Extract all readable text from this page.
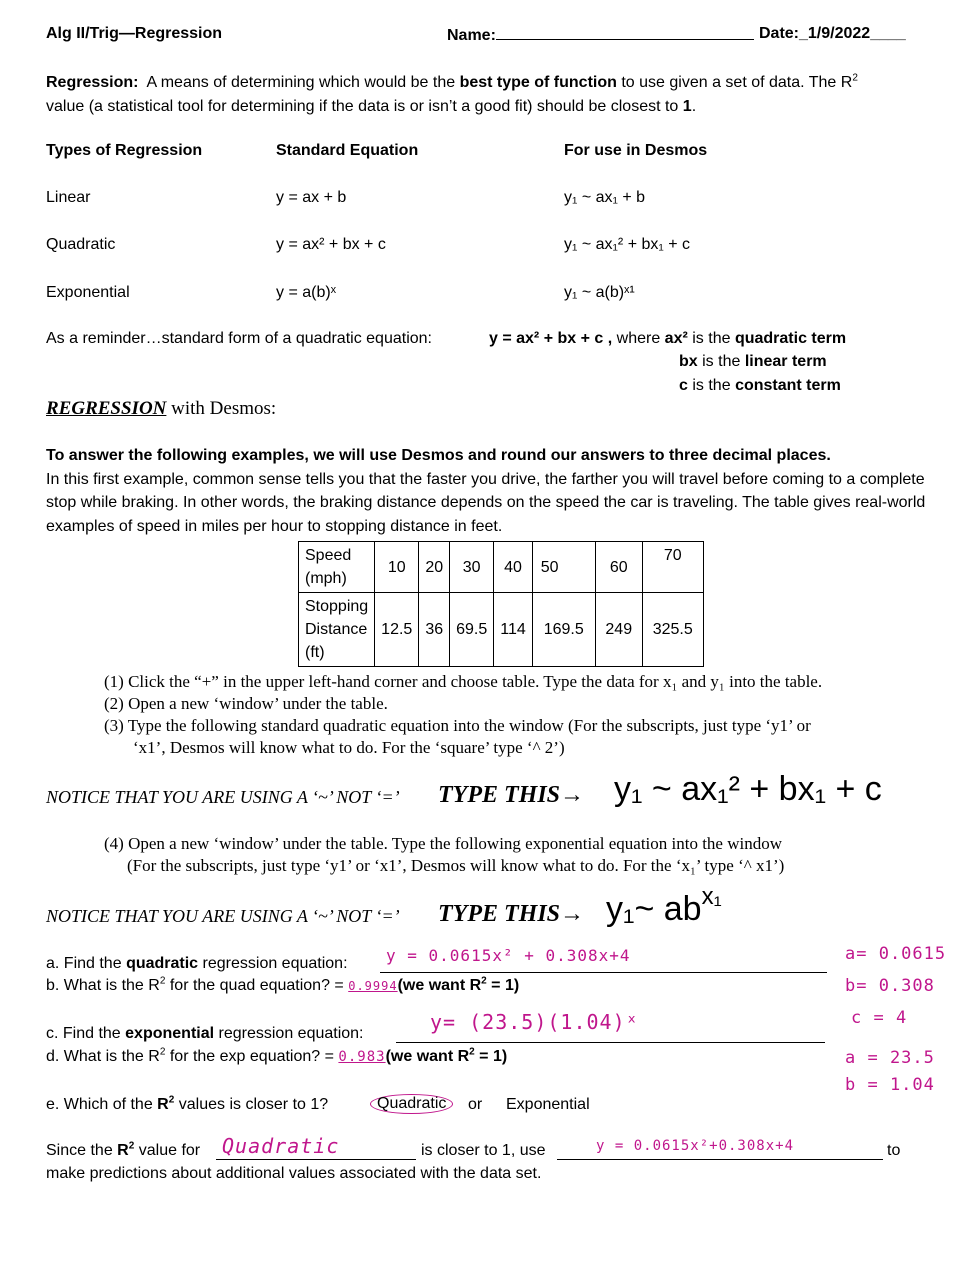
Alg II/Trig—Regression	Name:	Date:_1/9/2022____
Regression: A means of determining which would be the best type of function to use given a set of data. The $R^2$
value (a statistical tool for determining if the data is or isn’t a good fit) should be closest to 1.
Types of Regression	Standard Equation	For use in Desmos
Linear	y = ax + b	y₁ ~ ax₁ + b
Quadratic	y = ax² + bx + c	y₁ ~ ax₁² + bx₁ + c
Exponential	y = a(b)ˣ	y₁ ~ a(b)ˣ¹
As a reminder…standard form of a quadratic equation:	y = ax² + bx + c , where ax² is the quadratic term
bx is the linear term
c is the constant term
REGRESSION with Desmos:
To answer the following examples, we will use Desmos and round our answers to three decimal places.
In this first example, common sense tells you that the faster you drive, the farther you will travel before coming to a complete stop while braking. In other words, the braking distance depends on the speed the car is traveling. The table gives real-world examples of speed in miles per hour to stopping distance in feet.
Speed
(mph)	10	20	30	40	50	60	70
Stopping
Distance
(ft)	12.5	36	69.5	114	169.5	249	325.5
(1) Click the “+” in the upper left-hand corner and choose table. Type the data for x₁ and y₁ into the table.
(2) Open a new ‘window’ under the table.
(3) Type the following standard quadratic equation into the window (For the subscripts, just type ‘y1’ or
‘x1’, Desmos will know what to do. For the ‘square’ type ‘^ 2’)
NOTICE THAT YOU ARE USING A ‘~’ NOT ‘=’ TYPE THIS→ y₁ ~ ax₁² + bx₁ + c
(4) Open a new ‘window’ under the table. Type the following exponential equation into the window
(For the subscripts, just type ‘y1’ or ‘x1’, Desmos will know what to do. For the ‘x₁’ type ‘^ x1’)
NOTICE THAT YOU ARE USING A ‘~’ NOT ‘=’ TYPE THIS→ y₁~ $ab^{x_1}$
a. Find the quadratic regression equation: y = 0.0615x² + 0.308x+4
b. What is the $R^2$ for the quad equation? = 0.9994(we want $R^2 = 1$)
c. Find the exponential regression equation:	y= (23.5)(1.04)ˣ
d. What is the $R^2$ for the exp equation? = 0.983(we want $R^2 = 1$)
e. Which of the $R^2$ values is closer to 1?	Quadratic	or Exponential
Since the $R^2$ value for Quadratic	is closer to 1, use	y = 0.0615x²+0.308x+4	to
make predictions about additional values associated with the data set.
a= 0.0615
b= 0.308
c = 4
a = 23.5
b = 1.04
